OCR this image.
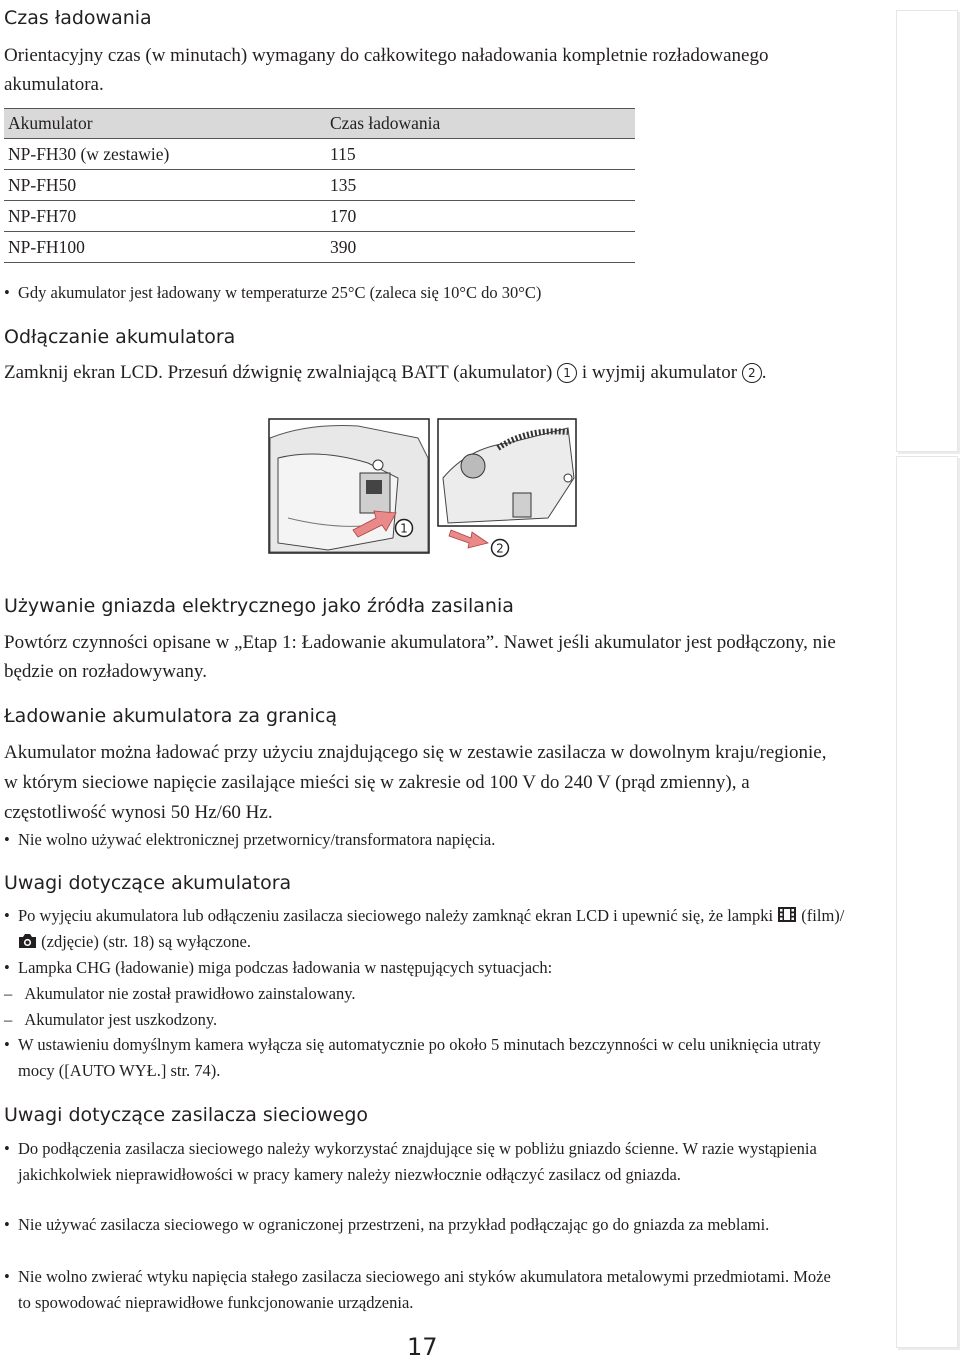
Czas ładowania

Orientacyjny czas (w minutach) wymagany do całkowitego naładowania kompletnie rozładowanego akumulatora.

Akumulator	Czas ładowania
NP-FH30 (w zestawie)	115
NP-FH50	135
NP-FH70	170
NP-FH100	390
• Gdy akumulator jest ładowany w temperaturze 25°C (zaleca się 10°C do 30°C)
Odłączanie akumulatora

Zamknij ekran LCD. Przesuń dźwignię zwalniającą BATT (akumulator) 1 i wyjmij akumulator 2 .

1
2
Używanie gniazda elektrycznego jako źródła zasilania

Powtórz czynności opisane w „Etap 1: Ładowanie akumulatora”. Nawet jeśli akumulator jest podłączony, nie będzie on rozładowywany.

Ładowanie akumulatora za granicą

Akumulator można ładować przy użyciu znajdującego się w zestawie zasilacza w dowolnym kraju/regionie, w którym sieciowe napięcie zasilające mieści się w zakresie od 100 V do 240 V (prąd zmienny), a częstotliwość wynosi 50 Hz/60 Hz.

• Nie wolno używać elektronicznej przetwornicy/transformatora napięcia.
Uwagi dotyczące akumulatora
• Po wyjęciu akumulatora lub odłączeniu zasilacza sieciowego należy zamknąć ekran LCD i upewnić się, że lampki  (film)/ (zdjęcie) (str. 18) są wyłączone.
• Lampka CHG (ładowanie) miga podczas ładowania w następujących sytuacjach:
– Akumulator nie został prawidłowo zainstalowany.
– Akumulator jest uszkodzony.
• W ustawieniu domyślnym kamera wyłącza się automatycznie po około 5 minutach bezczynności w celu uniknięcia utraty mocy ([AUTO WYŁ.] str. 74).
Uwagi dotyczące zasilacza sieciowego
• Do podłączenia zasilacza sieciowego należy wykorzystać znajdujące się w pobliżu gniazdo ścienne. W razie wystąpienia jakichkolwiek nieprawidłowości w pracy kamery należy niezwłocznie odłączyć zasilacz od gniazda.
• Nie używać zasilacza sieciowego w ograniczonej przestrzeni, na przykład podłączając go do gniazda za meblami.
• Nie wolno zwierać wtyku napięcia stałego zasilacza sieciowego ani styków akumulatora metalowymi przedmiotami. Może to spowodować nieprawidłowe funkcjonowanie urządzenia.
17
